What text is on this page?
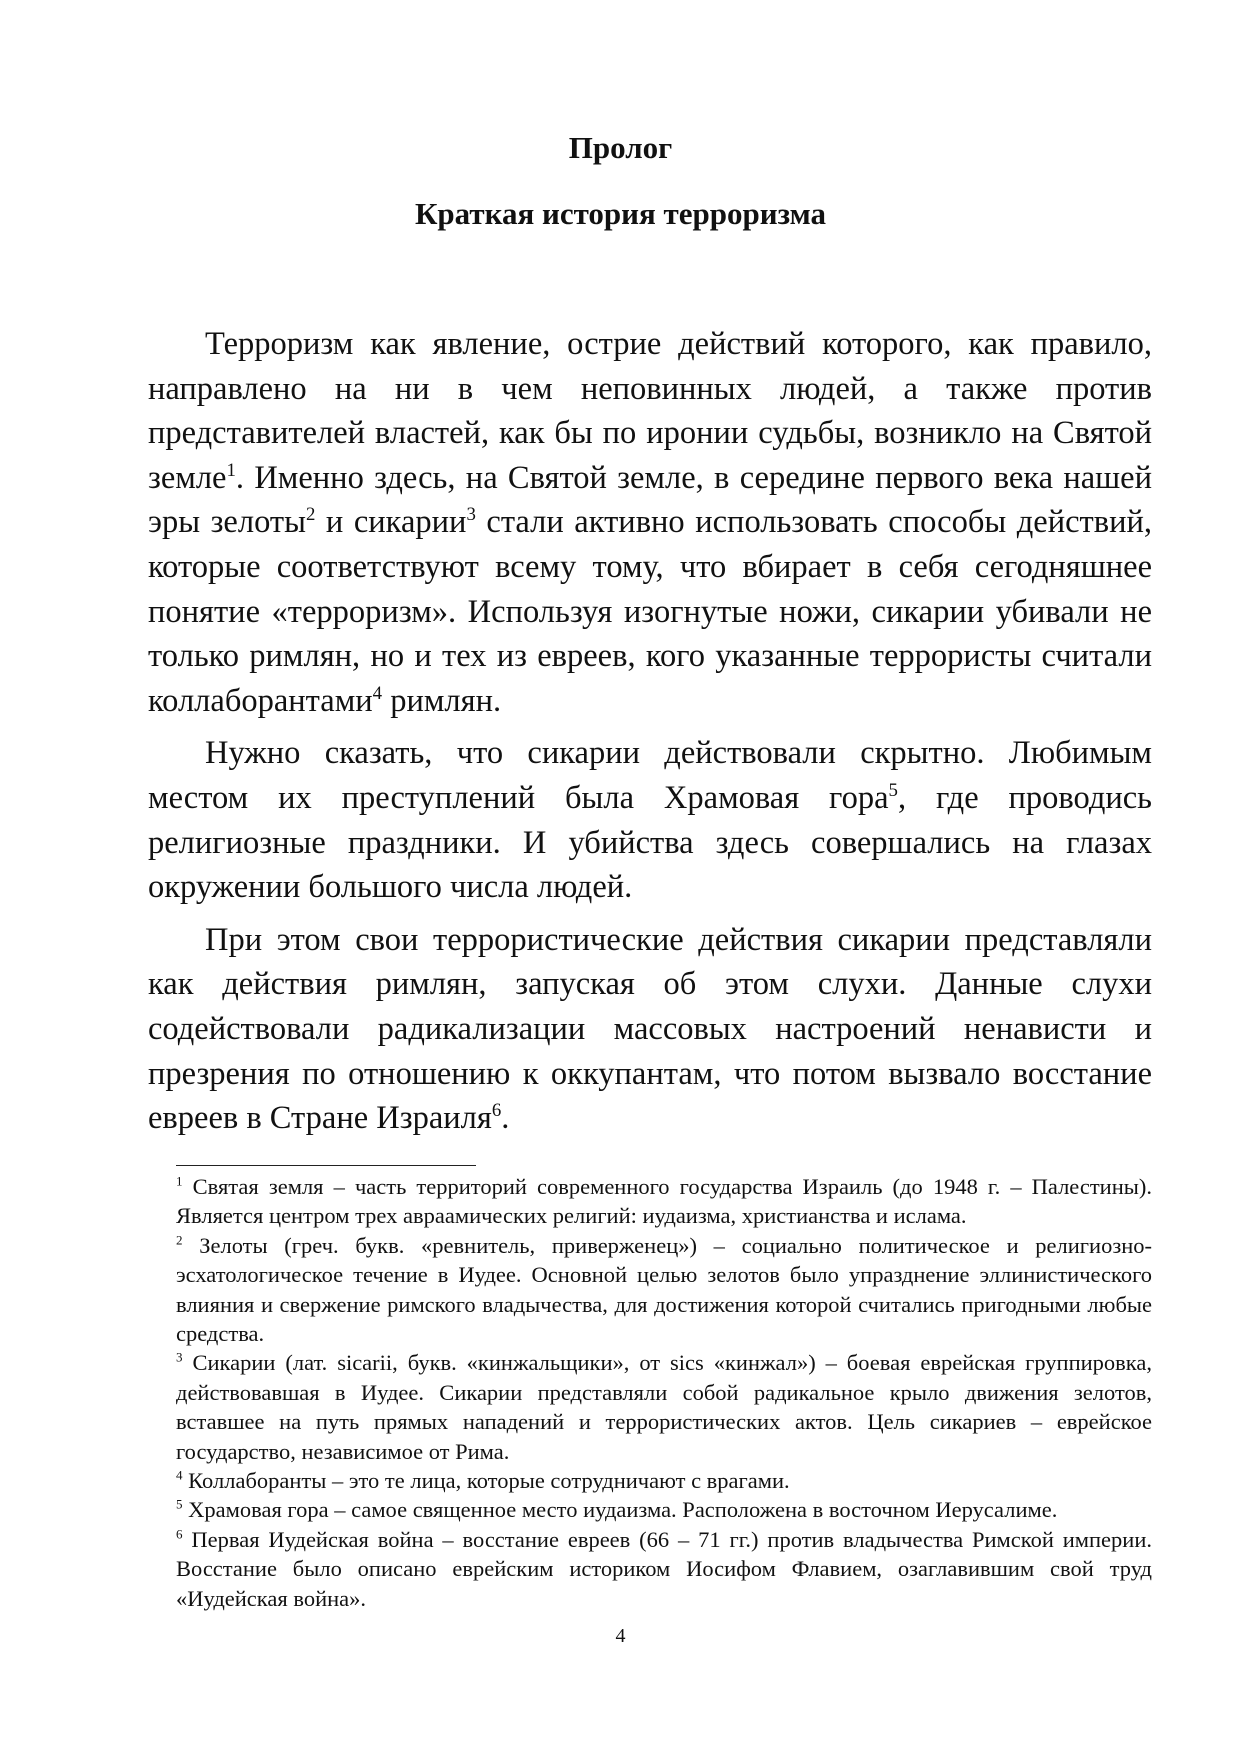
Пролог
Краткая история терроризма

Терроризм как явление, острие действий которого, как правило, направлено на ни в чем неповинных людей, а также против представителей властей, как бы по иронии судьбы, возникло на Святой земле$^1$. Именно здесь, на Святой земле, в середине первого века нашей эры зелоты$^2$ и сикарии$^3$ стали активно использовать способы действий, которые соответствуют всему тому, что вбирает в себя сегодняшнее понятие «терроризм». Используя изогнутые ножи, сикарии убивали не только римлян, но и тех из евреев, кого указанные террористы считали коллаборантами$^4$ римлян.

Нужно сказать, что сикарии действовали скрытно. Любимым местом их преступлений была Храмовая гора$^5$, где проводись религиозные праздники. И убийства здесь совершались на глазах окружении большого числа людей.

При этом свои террористические действия сикарии представляли как действия римлян, запуская об этом слухи. Данные слухи содействовали радикализации массовых настроений ненависти и презрения по отношению к оккупантам, что потом вызвало восстание евреев в Стране Израиля$^6$.

$^1$ Святая земля – часть территорий современного государства Израиль (до 1948 г. – Палестины). Является центром трех авраамических религий: иудаизма, христианства и ислама.

$^2$ Зелоты (греч. букв. «ревнитель, приверженец») – социально политическое и религиозно-эсхатологическое течение в Иудее. Основной целью зелотов было упразднение эллинистического влияния и свержение римского владычества, для достижения которой считались пригодными любые средства.

$^3$ Сикарии (лат. sicarii, букв. «кинжальщики», от sics «кинжал») – боевая еврейская группировка, действовавшая в Иудее. Сикарии представляли собой радикальное крыло движения зелотов, вставшее на путь прямых нападений и террористических актов. Цель сикариев – еврейское государство, независимое от Рима.

$^4$ Коллаборанты – это те лица, которые сотрудничают с врагами.

$^5$ Храмовая гора – самое священное место иудаизма. Расположена в восточном Иерусалиме.

$^6$ Первая Иудейская война – восстание евреев (66 – 71 гг.) против владычества Римской империи. Восстание было описано еврейским историком Иосифом Флавием, озаглавившим свой труд «Иудейская война».

4
